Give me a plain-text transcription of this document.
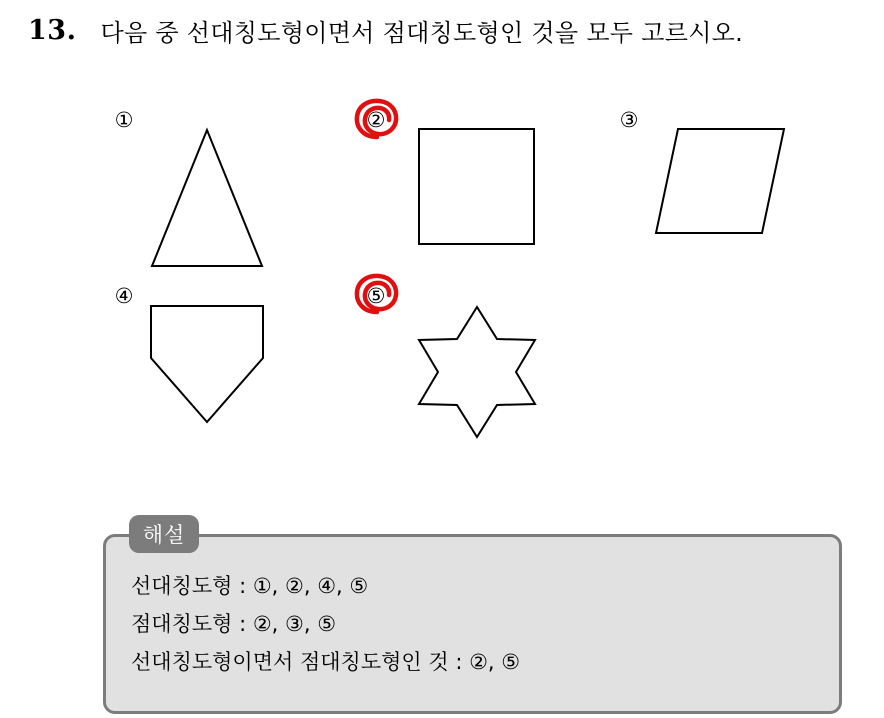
13. 다음 중 선대칭도형이면서 점대칭도형인 것을 모두 고르시오.
①	②	③
④	⑤
선대칭도형 : ①, ②, ④, ⑤
점대칭도형 : ②, ③, ⑤
선대칭도형이면서 점대칭도형인 것 : ②, ⑤
해설
